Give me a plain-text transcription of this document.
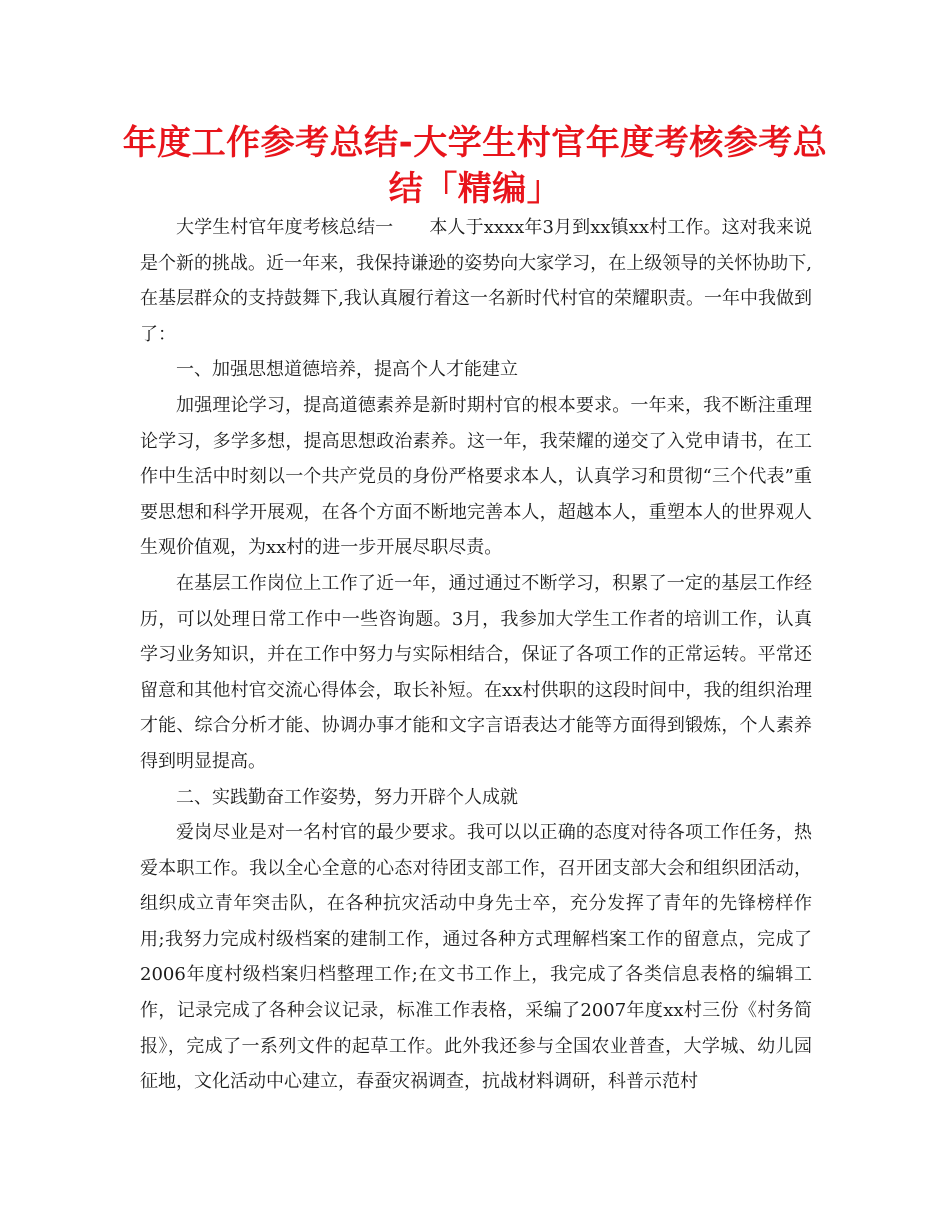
年度工作参考总结-大学生村官年度考核参考总结「精编」

大学生村官年度考核总结一　　本人于xxxx年3月到xx镇xx村工作。这对我来说是个新的挑战。近一年来，我保持谦逊的姿势向大家学习，在上级领导的关怀协助下,在基层群众的支持鼓舞下,我认真履行着这一名新时代村官的荣耀职责。一年中我做到了：

一、加强思想道德培养，提高个人才能建立

加强理论学习，提高道德素养是新时期村官的根本要求。一年来，我不断注重理论学习，多学多想，提高思想政治素养。这一年，我荣耀的递交了入党申请书，在工作中生活中时刻以一个共产党员的身份严格要求本人，认真学习和贯彻“三个代表”重要思想和科学开展观，在各个方面不断地完善本人，超越本人，重塑本人的世界观人生观价值观，为xx村的进一步开展尽职尽责。

在基层工作岗位上工作了近一年，通过通过不断学习，积累了一定的基层工作经历，可以处理日常工作中一些咨询题。3月，我参加大学生工作者的培训工作，认真学习业务知识，并在工作中努力与实际相结合，保证了各项工作的正常运转。平常还留意和其他村官交流心得体会，取长补短。在xx村供职的这段时间中，我的组织治理才能、综合分析才能、协调办事才能和文字言语表达才能等方面得到锻炼，个人素养得到明显提高。

二、实践勤奋工作姿势，努力开辟个人成就

爱岗尽业是对一名村官的最少要求。我可以以正确的态度对待各项工作任务，热爱本职工作。我以全心全意的心态对待团支部工作，召开团支部大会和组织团活动，组织成立青年突击队，在各种抗灾活动中身先士卒，充分发挥了青年的先锋榜样作用;我努力完成村级档案的建制工作，通过各种方式理解档案工作的留意点，完成了2006年度村级档案归档整理工作;在文书工作上，我完成了各类信息表格的编辑工作，记录完成了各种会议记录，标准工作表格，采编了2007年度xx村三份《村务简报》，完成了一系列文件的起草工作。此外我还参与全国农业普查，大学城、幼儿园征地，文化活动中心建立，春蚕灾祸调查，抗战材料调研，科普示范村
